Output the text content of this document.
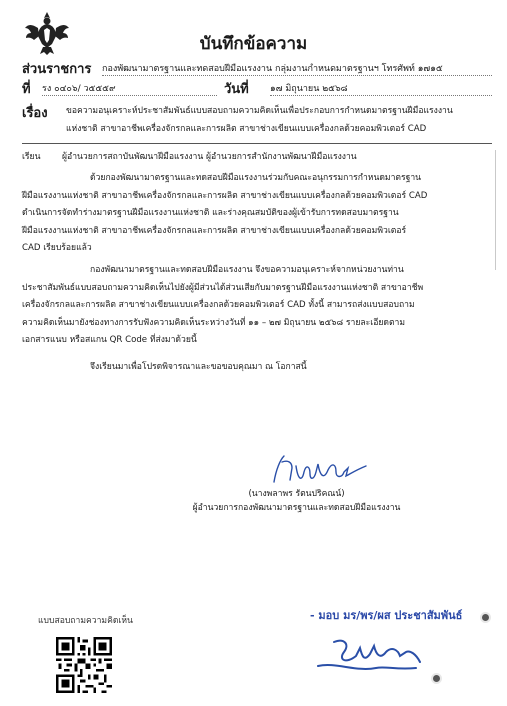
บันทึกข้อความ
ส่วนราชการ กองพัฒนามาตรฐานและทดสอบฝีมือแรงงาน กลุ่มงานกำหนดมาตรฐานฯ โทรศัพท์ ๑๗๑๕
ที่ รง ๐๔๐๖/ ว๕๕๕๙	วันที่ ๑๗ มิถุนายน ๒๕๖๘
เรื่อง ขอความอนุเคราะห์ประชาสัมพันธ์แบบสอบถามความคิดเห็นเพื่อประกอบการกำหนดมาตรฐานฝีมือแรงงาน
แห่งชาติ สาขาอาชีพเครื่องจักรกลและการผลิต สาขาช่างเขียนแบบเครื่องกลด้วยคอมพิวเตอร์ CAD
เรียน	ผู้อำนวยการสถาบันพัฒนาฝีมือแรงงาน ผู้อำนวยการสำนักงานพัฒนาฝีมือแรงงาน
ด้วยกองพัฒนามาตรฐานและทดสอบฝีมือแรงงานร่วมกับคณะอนุกรรมการกำหนดมาตรฐาน
ฝีมือแรงงานแห่งชาติ สาขาอาชีพเครื่องจักรกลและการผลิต สาขาช่างเขียนแบบเครื่องกลด้วยคอมพิวเตอร์ CAD
ดำเนินการจัดทำร่างมาตรฐานฝีมือแรงงานแห่งชาติ และร่างคุณสมบัติของผู้เข้ารับการทดสอบมาตรฐาน
ฝีมือแรงงานแห่งชาติ สาขาอาชีพเครื่องจักรกลและการผลิต สาขาช่างเขียนแบบเครื่องกลด้วยคอมพิวเตอร์
CAD เรียบร้อยแล้ว
กองพัฒนามาตรฐานและทดสอบฝีมือแรงงาน จึงขอความอนุเคราะห์จากหน่วยงานท่าน
ประชาสัมพันธ์แบบสอบถามความคิดเห็นไปยังผู้มีส่วนได้ส่วนเสียกับมาตรฐานฝีมือแรงงานแห่งชาติ สาขาอาชีพ
เครื่องจักรกลและการผลิต สาขาช่างเขียนแบบเครื่องกลด้วยคอมพิวเตอร์ CAD ทั้งนี้ สามารถส่งแบบสอบถาม
ความคิดเห็นมายังช่องทางการรับฟังความคิดเห็นระหว่างวันที่ ๑๑ – ๒๗ มิถุนายน ๒๕๖๘ รายละเอียดตาม
เอกสารแนบ หรือสแกน QR Code ที่ส่งมาด้วยนี้
จึงเรียนมาเพื่อโปรดพิจารณาและขอขอบคุณมา ณ โอกาสนี้
(นางพลาพร รัตนปริคณน์)
ผู้อำนวยการกองพัฒนามาตรฐานและทดสอบฝีมือแรงงาน
แบบสอบถามความคิดเห็น	- มอบ มร/พร/ผส ประชาสัมพันธ์
